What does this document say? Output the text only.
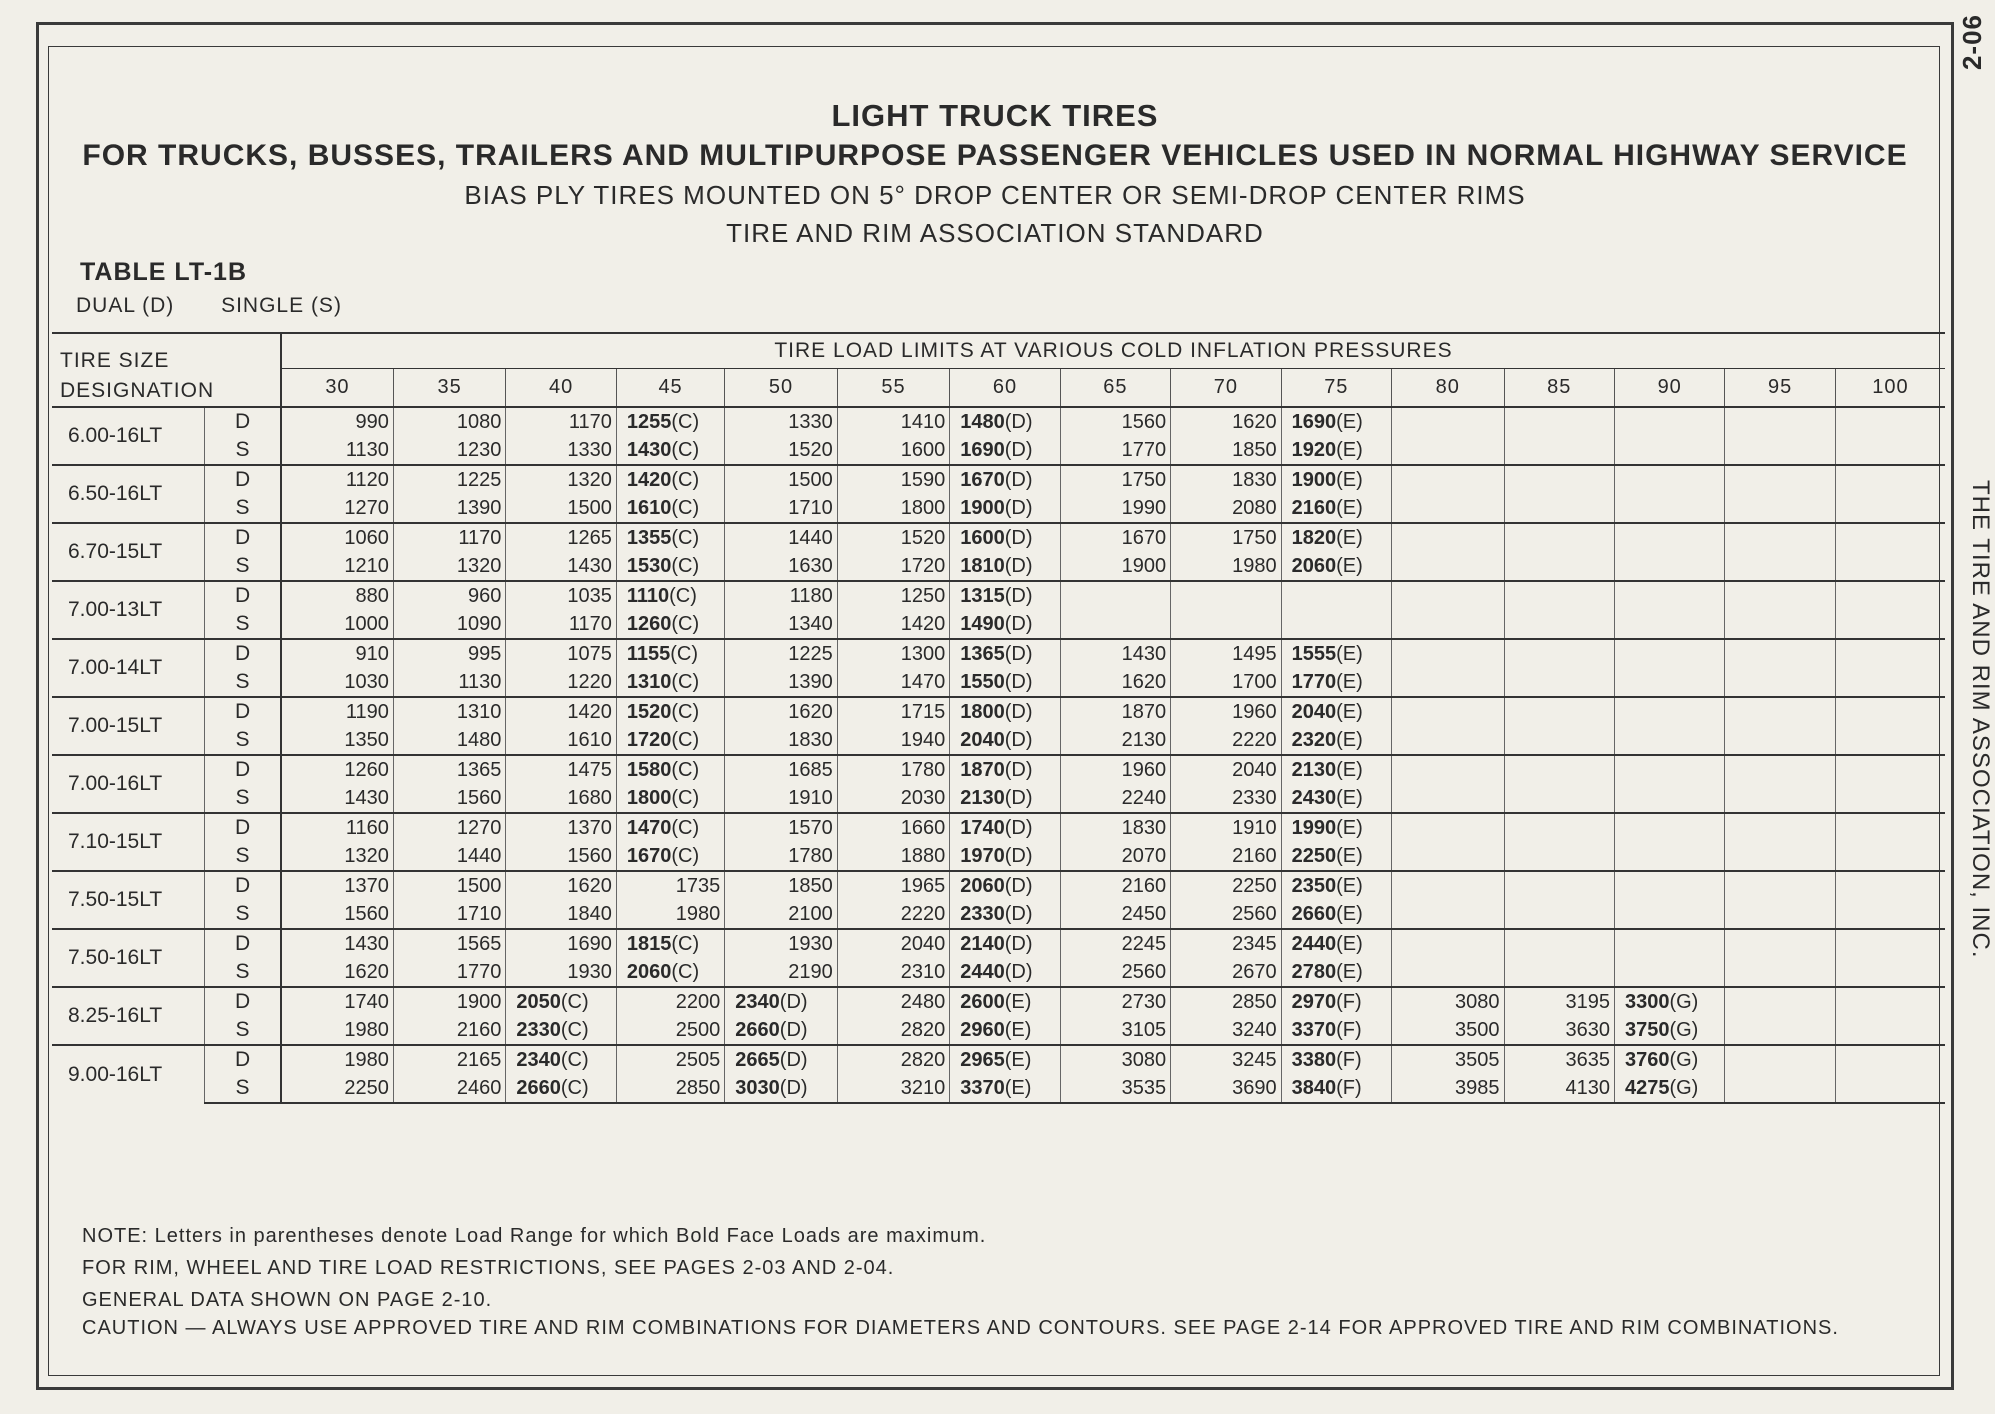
2-06
THE TIRE AND RIM ASSOCIATION, INC.
LIGHT TRUCK TIRES
FOR TRUCKS, BUSSES, TRAILERS AND MULTIPURPOSE PASSENGER VEHICLES USED IN NORMAL HIGHWAY SERVICE
BIAS PLY TIRES MOUNTED ON 5° DROP CENTER OR SEMI-DROP CENTER RIMS
TIRE AND RIM ASSOCIATION STANDARD
TABLE LT-1B
DUAL (D) SINGLE (S)
TIRE SIZE
DESIGNATION		TIRE LOAD LIMITS AT VARIOUS COLD INFLATION PRESSURES														
		30	35	40	45	50	55	60	65	70	75	80	85	90	95	100
6.00-16LT	D	990	1080	1170	1255(C)	1330	1410	1480(D)	1560	1620	1690(E)					
	S	1130	1230	1330	1430(C)	1520	1600	1690(D)	1770	1850	1920(E)					
6.50-16LT	D	1120	1225	1320	1420(C)	1500	1590	1670(D)	1750	1830	1900(E)					
	S	1270	1390	1500	1610(C)	1710	1800	1900(D)	1990	2080	2160(E)					
6.70-15LT	D	1060	1170	1265	1355(C)	1440	1520	1600(D)	1670	1750	1820(E)					
	S	1210	1320	1430	1530(C)	1630	1720	1810(D)	1900	1980	2060(E)					
7.00-13LT	D	880	960	1035	1110(C)	1180	1250	1315(D)								
	S	1000	1090	1170	1260(C)	1340	1420	1490(D)								
7.00-14LT	D	910	995	1075	1155(C)	1225	1300	1365(D)	1430	1495	1555(E)					
	S	1030	1130	1220	1310(C)	1390	1470	1550(D)	1620	1700	1770(E)					
7.00-15LT	D	1190	1310	1420	1520(C)	1620	1715	1800(D)	1870	1960	2040(E)					
	S	1350	1480	1610	1720(C)	1830	1940	2040(D)	2130	2220	2320(E)					
7.00-16LT	D	1260	1365	1475	1580(C)	1685	1780	1870(D)	1960	2040	2130(E)					
	S	1430	1560	1680	1800(C)	1910	2030	2130(D)	2240	2330	2430(E)					
7.10-15LT	D	1160	1270	1370	1470(C)	1570	1660	1740(D)	1830	1910	1990(E)					
	S	1320	1440	1560	1670(C)	1780	1880	1970(D)	2070	2160	2250(E)					
7.50-15LT	D	1370	1500	1620	1735	1850	1965	2060(D)	2160	2250	2350(E)					
	S	1560	1710	1840	1980	2100	2220	2330(D)	2450	2560	2660(E)					
7.50-16LT	D	1430	1565	1690	1815(C)	1930	2040	2140(D)	2245	2345	2440(E)					
	S	1620	1770	1930	2060(C)	2190	2310	2440(D)	2560	2670	2780(E)					
8.25-16LT	D	1740	1900	2050(C)	2200	2340(D)	2480	2600(E)	2730	2850	2970(F)	3080	3195	3300(G)		
	S	1980	2160	2330(C)	2500	2660(D)	2820	2960(E)	3105	3240	3370(F)	3500	3630	3750(G)		
9.00-16LT	D	1980	2165	2340(C)	2505	2665(D)	2820	2965(E)	3080	3245	3380(F)	3505	3635	3760(G)		
	S	2250	2460	2660(C)	2850	3030(D)	3210	3370(E)	3535	3690	3840(F)	3985	4130	4275(G)		
NOTE: Letters in parentheses denote Load Range for which Bold Face Loads are maximum.
FOR RIM, WHEEL AND TIRE LOAD RESTRICTIONS, SEE PAGES 2-03 AND 2-04.
GENERAL DATA SHOWN ON PAGE 2-10.
CAUTION — ALWAYS USE APPROVED TIRE AND RIM COMBINATIONS FOR DIAMETERS AND CONTOURS. SEE PAGE 2-14 FOR APPROVED TIRE AND RIM COMBINATIONS.
